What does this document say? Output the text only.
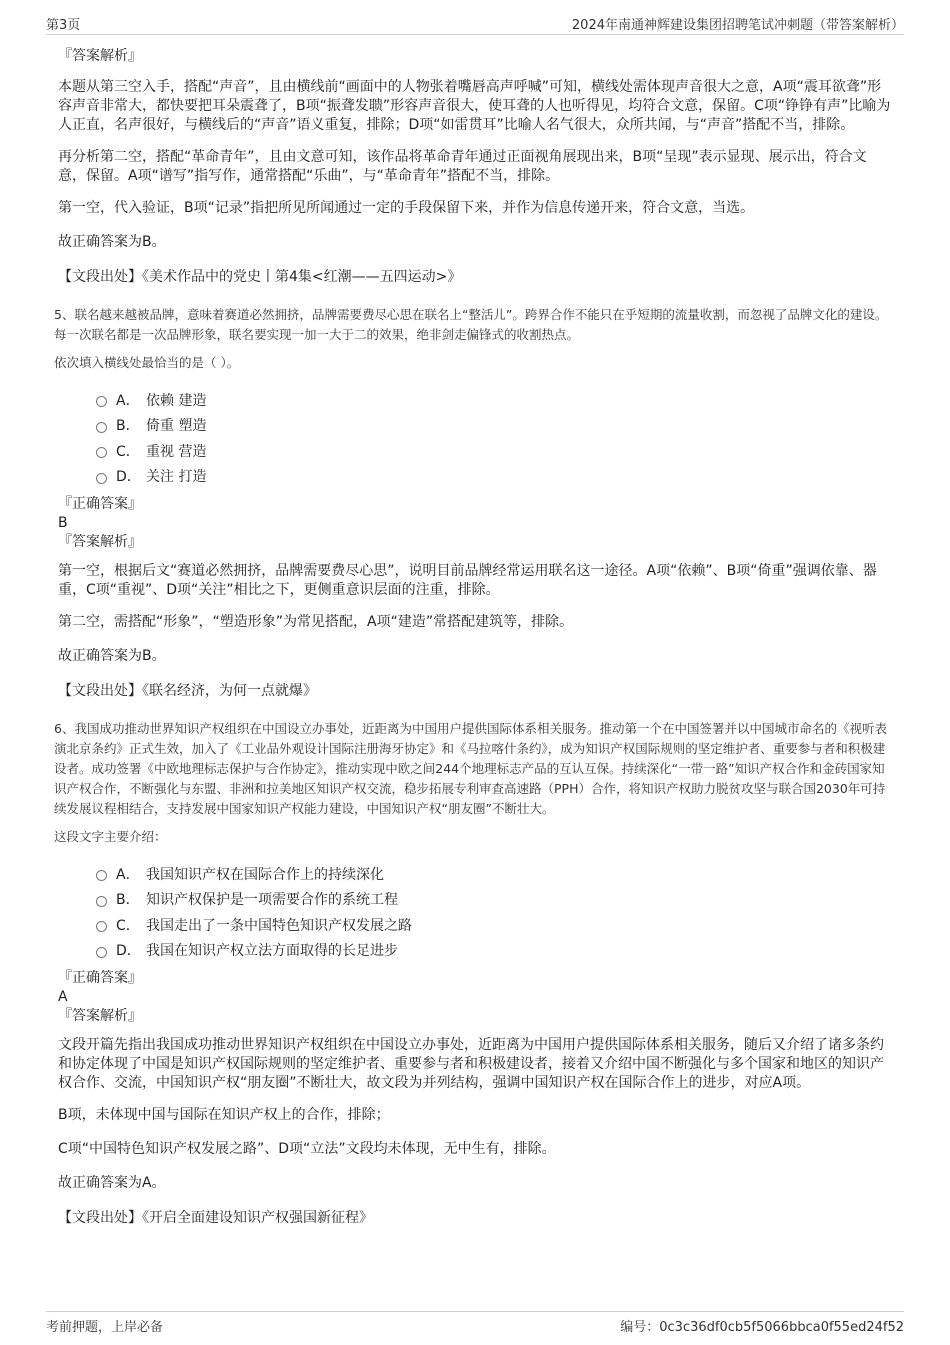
第3页	2024年南通神辉建设集团招聘笔试冲刺题（带答案解析）
『答案解析』
本题从第三空入手，搭配“声音”，且由横线前“画面中的人物张着嘴唇高声呼喊”可知，横线处需体现声音很大之意，A项“震耳欲聋”形容声音非常大，都快要把耳朵震聋了，B项“振聋发聩”形容声音很大，使耳聋的人也听得见，均符合文意，保留。C项“铮铮有声”比喻为人正直，名声很好，与横线后的“声音”语义重复，排除；D项“如雷贯耳”比喻人名气很大，众所共闻，与“声音”搭配不当，排除。
再分析第二空，搭配“革命青年”，且由文意可知，该作品将革命青年通过正面视角展现出来，B项“呈现”表示显现、展示出，符合文意，保留。A项“谱写”指写作，通常搭配“乐曲”，与“革命青年”搭配不当，排除。
第一空，代入验证，B项“记录”指把所见所闻通过一定的手段保留下来，并作为信息传递开来，符合文意，当选。
故正确答案为B。
【文段出处】《美术作品中的党史丨第4集<红潮——五四运动>》
5、联名越来越被品牌，意味着赛道必然拥挤，品牌需要费尽心思在联名上“整活儿”。跨界合作不能只在乎短期的流量收割，而忽视了品牌文化的建设。每一次联名都是一次品牌形象，联名要实现一加一大于二的效果，绝非剑走偏锋式的收割热点。
依次填入横线处最恰当的是（ ）。
A． 依赖 建造
B． 倚重 塑造
C． 重视 营造
D． 关注 打造
『正确答案』
B
『答案解析』
第一空，根据后文“赛道必然拥挤，品牌需要费尽心思”，说明目前品牌经常运用联名这一途径。A项“依赖”、B项“倚重”强调依靠、器重，C项“重视”、D项“关注”相比之下，更侧重意识层面的注重，排除。
第二空，需搭配“形象”，“塑造形象”为常见搭配，A项“建造”常搭配建筑等，排除。
故正确答案为B。
【文段出处】《联名经济，为何一点就爆》
6、我国成功推动世界知识产权组织在中国设立办事处，近距离为中国用户提供国际体系相关服务。推动第一个在中国签署并以中国城市命名的《视听表演北京条约》正式生效，加入了《工业品外观设计国际注册海牙协定》和《马拉喀什条约》，成为知识产权国际规则的坚定维护者、重要参与者和积极建设者。成功签署《中欧地理标志保护与合作协定》，推动实现中欧之间244个地理标志产品的互认互保。持续深化“一带一路”知识产权合作和金砖国家知识产权合作，不断强化与东盟、非洲和拉美地区知识产权交流，稳步拓展专利审查高速路（PPH）合作，将知识产权助力脱贫攻坚与联合国2030年可持续发展议程相结合，支持发展中国家知识产权能力建设，中国知识产权“朋友圈”不断壮大。
这段文字主要介绍：
A． 我国知识产权在国际合作上的持续深化
B． 知识产权保护是一项需要合作的系统工程
C． 我国走出了一条中国特色知识产权发展之路
D． 我国在知识产权立法方面取得的长足进步
『正确答案』
A
『答案解析』
文段开篇先指出我国成功推动世界知识产权组织在中国设立办事处，近距离为中国用户提供国际体系相关服务，随后又介绍了诸多条约和协定体现了中国是知识产权国际规则的坚定维护者、重要参与者和积极建设者，接着又介绍中国不断强化与多个国家和地区的知识产权合作、交流，中国知识产权“朋友圈”不断壮大，故文段为并列结构，强调中国知识产权在国际合作上的进步，对应A项。
B项，未体现中国与国际在知识产权上的合作，排除；
C项“中国特色知识产权发展之路”、D项“立法”文段均未体现，无中生有，排除。
故正确答案为A。
【文段出处】《开启全面建设知识产权强国新征程》
考前押题，上岸必备	编号：0c3c36df0cb5f5066bbca0f55ed24f52
